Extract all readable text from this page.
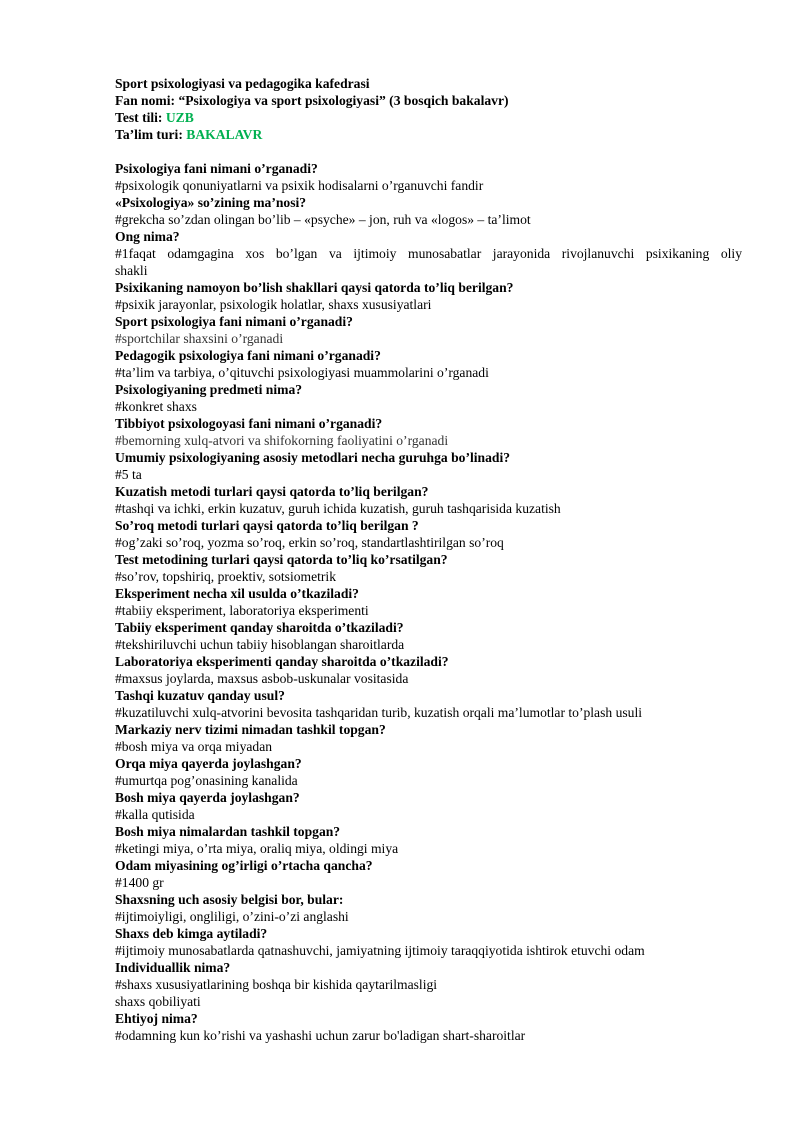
Sport psixologiyasi va pedagogika kafedrasi
Fan nomi: “Psixologiya va sport psixologiyasi” (3 bosqich bakalavr)
Test tili: UZB
Ta’lim turi: BAKALAVR
Psixologiya fani nimani o’rganadi?
#psixologik qonuniyatlarni va psixik hodisalarni o’rganuvchi fandir
«Psixologiya» so’zining ma’nosi?
#grekcha so’zdan olingan bo’lib – «psyche» – jon, ruh va «logos» – ta’limot
Ong nima?
#1faqat odamgagina xos bo’lgan va ijtimoiy munosabatlar jarayonida rivojlanuvchi psixikaning oliy
shakli
Psixikaning namoyon bo’lish shakllari qaysi qatorda to’liq berilgan?
#psixik jarayonlar, psixologik holatlar, shaxs xususiyatlari
Sport psixologiya fani nimani o’rganadi?
#sportchilar shaxsini o’rganadi
Pedagogik psixologiya fani nimani o’rganadi?
#ta’lim va tarbiya, o’qituvchi psixologiyasi muammolarini o’rganadi
Psixologiyaning predmeti nima?
#konkret shaxs
Tibbiyot psixologoyasi fani nimani o’rganadi?
#bemorning xulq-atvori va shifokorning faoliyatini o’rganadi
Umumiy psixologiyaning asosiy metodlari necha guruhga bo’linadi?
#5 ta
Kuzatish metodi turlari qaysi qatorda to’liq berilgan?
#tashqi va ichki, erkin kuzatuv, guruh ichida kuzatish, guruh tashqarisida kuzatish
So’roq metodi turlari qaysi qatorda to’liq berilgan ?
#og’zaki so’roq, yozma so’roq, erkin so’roq, standartlashtirilgan so’roq
Test metodining turlari qaysi qatorda to’liq ko’rsatilgan?
#so’rov, topshiriq, proektiv, sotsiometrik
Eksperiment necha xil usulda o’tkaziladi?
#tabiiy eksperiment, laboratoriya eksperimenti
Tabiiy eksperiment qanday sharoitda o’tkaziladi?
#tekshiriluvchi uchun tabiiy hisoblangan sharoitlarda
Laboratoriya eksperimenti qanday sharoitda o’tkaziladi?
#maxsus joylarda, maxsus asbob-uskunalar vositasida
Tashqi kuzatuv qanday usul?
#kuzatiluvchi xulq-atvorini bevosita tashqaridan turib, kuzatish orqali ma’lumotlar to’plash usuli
Markaziy nerv tizimi nimadan tashkil topgan?
#bosh miya va orqa miyadan
Orqa miya qayerda joylashgan?
#umurtqa pog’onasining kanalida
Bosh miya qayerda joylashgan?
#kalla qutisida
Bosh miya nimalardan tashkil topgan?
#ketingi miya, o’rta miya, oraliq miya, oldingi miya
Odam miyasining og’irligi o’rtacha qancha?
#1400 gr
Shaxsning uch asosiy belgisi bor, bular:
#ijtimoiyligi, ongliligi, o’zini-o’zi anglashi
Shaxs deb kimga aytiladi?
#ijtimoiy munosabatlarda qatnashuvchi, jamiyatning ijtimoiy taraqqiyotida ishtirok etuvchi odam
Individuallik nima?
#shaxs xususiyatlarining boshqa bir kishida qaytarilmasligi
shaxs qobiliyati
Ehtiyoj nima?
#odamning kun ko’rishi va yashashi uchun zarur bo'ladigan shart-sharoitlar
